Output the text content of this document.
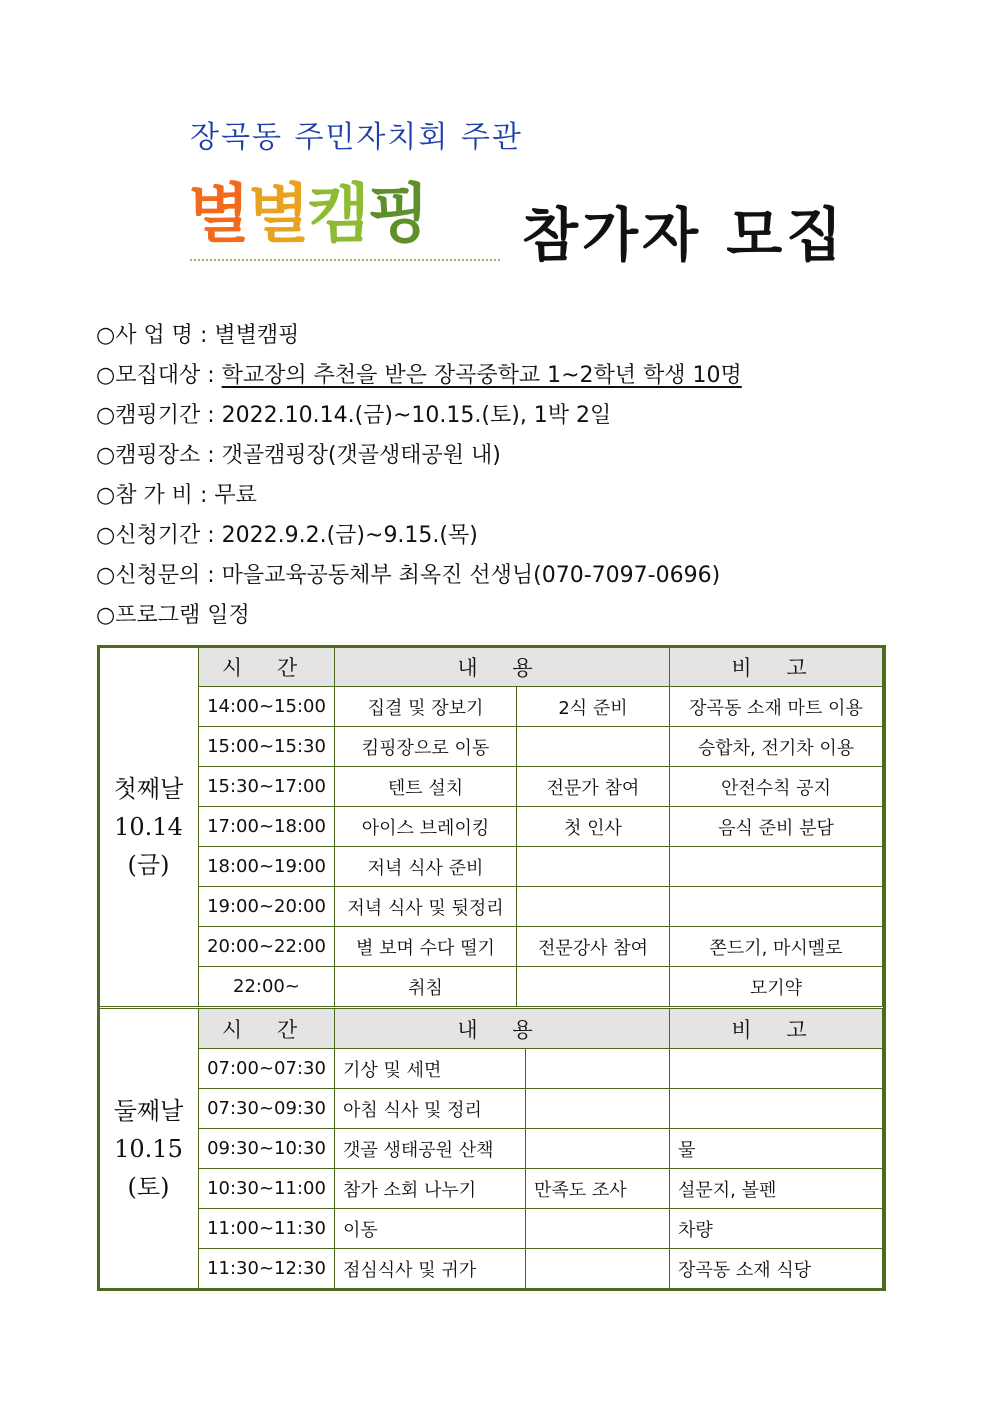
장곡동 주민자치회 주관
별별캠핑	참가자 모집
○사 업 명 : 별별캠핑
○모집대상 : 학교장의 추천을 받은 장곡중학교 1~2학년 학생 10명
○캠핑기간 : 2022.10.14.(금)~10.15.(토), 1박 2일
○캠핑장소 : 갯골캠핑장(갯골생태공원 내)
○참 가 비 : 무료
○신청기간 : 2022.9.2.(금)~9.15.(목)
○신청문의 : 마을교육공동체부 최옥진 선생님(070-7097-0696)
○프로그램 일정
첫째날
10.14
(금)	시 간	내 용		비 고
	14:00~15:00	집결 및 장보기	2식 준비	장곡동 소재 마트 이용
	15:00~15:30	킴핑장으로 이동		승합차, 전기차 이용
	15:30~17:00	텐트 설치	전문가 참여	안전수칙 공지
	17:00~18:00	아이스 브레이킹	첫 인사	음식 준비 분담
	18:00~19:00	저녁 식사 준비		
	19:00~20:00	저녁 식사 및 뒷정리		
	20:00~22:00	별 보며 수다 떨기	전문강사 참여	쫀드기, 마시멜로
	22:00~	취침		모기약
둘째날
10.15
(토)	시 간	내 용		비 고
	07:00~07:30	기상 및 세면		
	07:30~09:30	아침 식사 및 정리		
	09:30~10:30	갯골 생태공원 산책		물
	10:30~11:00	참가 소회 나누기	만족도 조사	설문지, 볼펜
	11:00~11:30	이동		차량
	11:30~12:30	점심식사 및 귀가		장곡동 소재 식당
